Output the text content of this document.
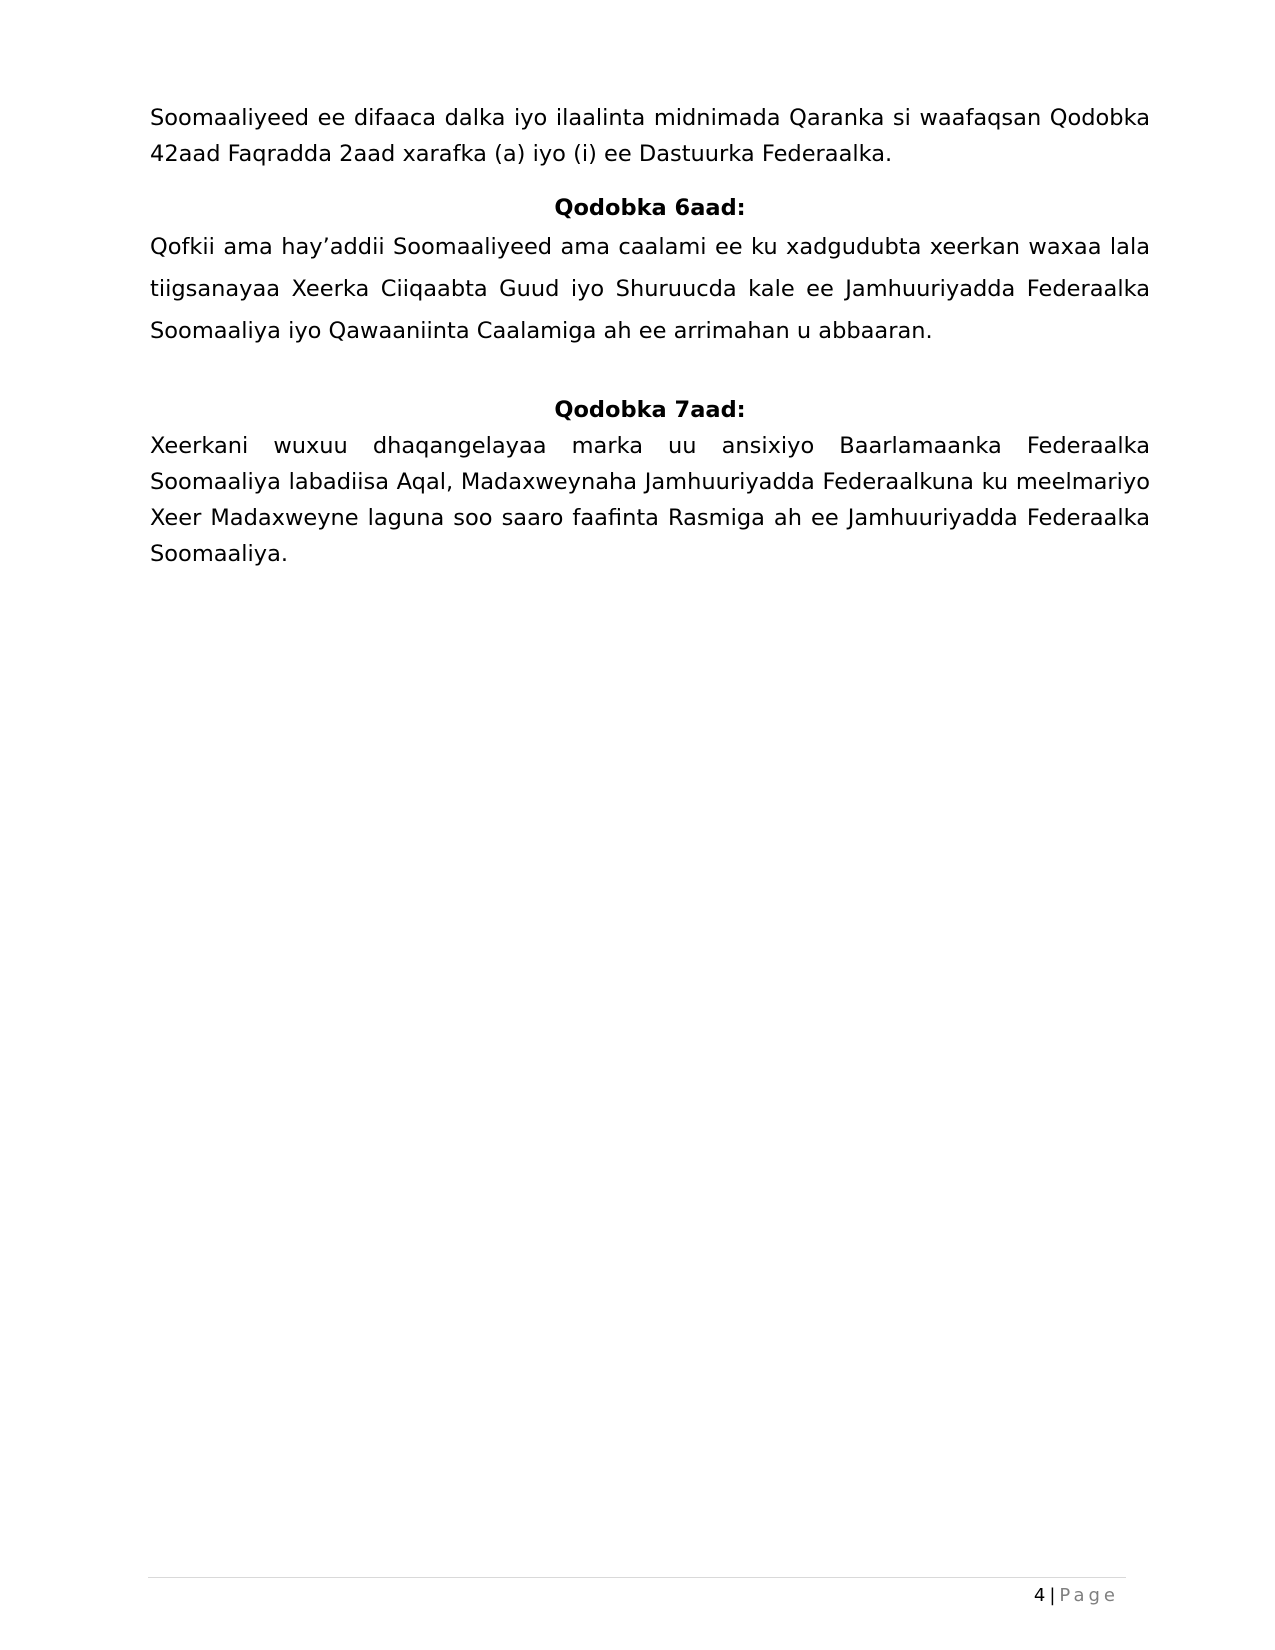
Soomaaliyeed ee difaaca dalka iyo ilaalinta midnimada Qaranka si waafaqsan Qodobka 42aad Faqradda 2aad xarafka (a) iyo (i) ee Dastuurka Federaalka.

Qodobka 6aad:

Qofkii ama hay’addii Soomaaliyeed ama caalami ee ku xadgudubta xeerkan waxaa lala tiigsanayaa Xeerka Ciiqaabta Guud iyo Shuruucda kale ee Jamhuuriyadda Federaalka Soomaaliya iyo Qawaaniinta Caalamiga ah ee arrimahan u abbaaran.

Qodobka 7aad:

Xeerkani wuxuu dhaqangelayaa marka uu ansixiyo Baarlamaanka Federaalka Soomaaliya labadiisa Aqal, Madaxweynaha Jamhuuriyadda Federaalkuna ku meelmariyo Xeer Madaxweyne laguna soo saaro faafinta Rasmiga ah ee Jamhuuriyadda Federaalka Soomaaliya.

4 | Page
